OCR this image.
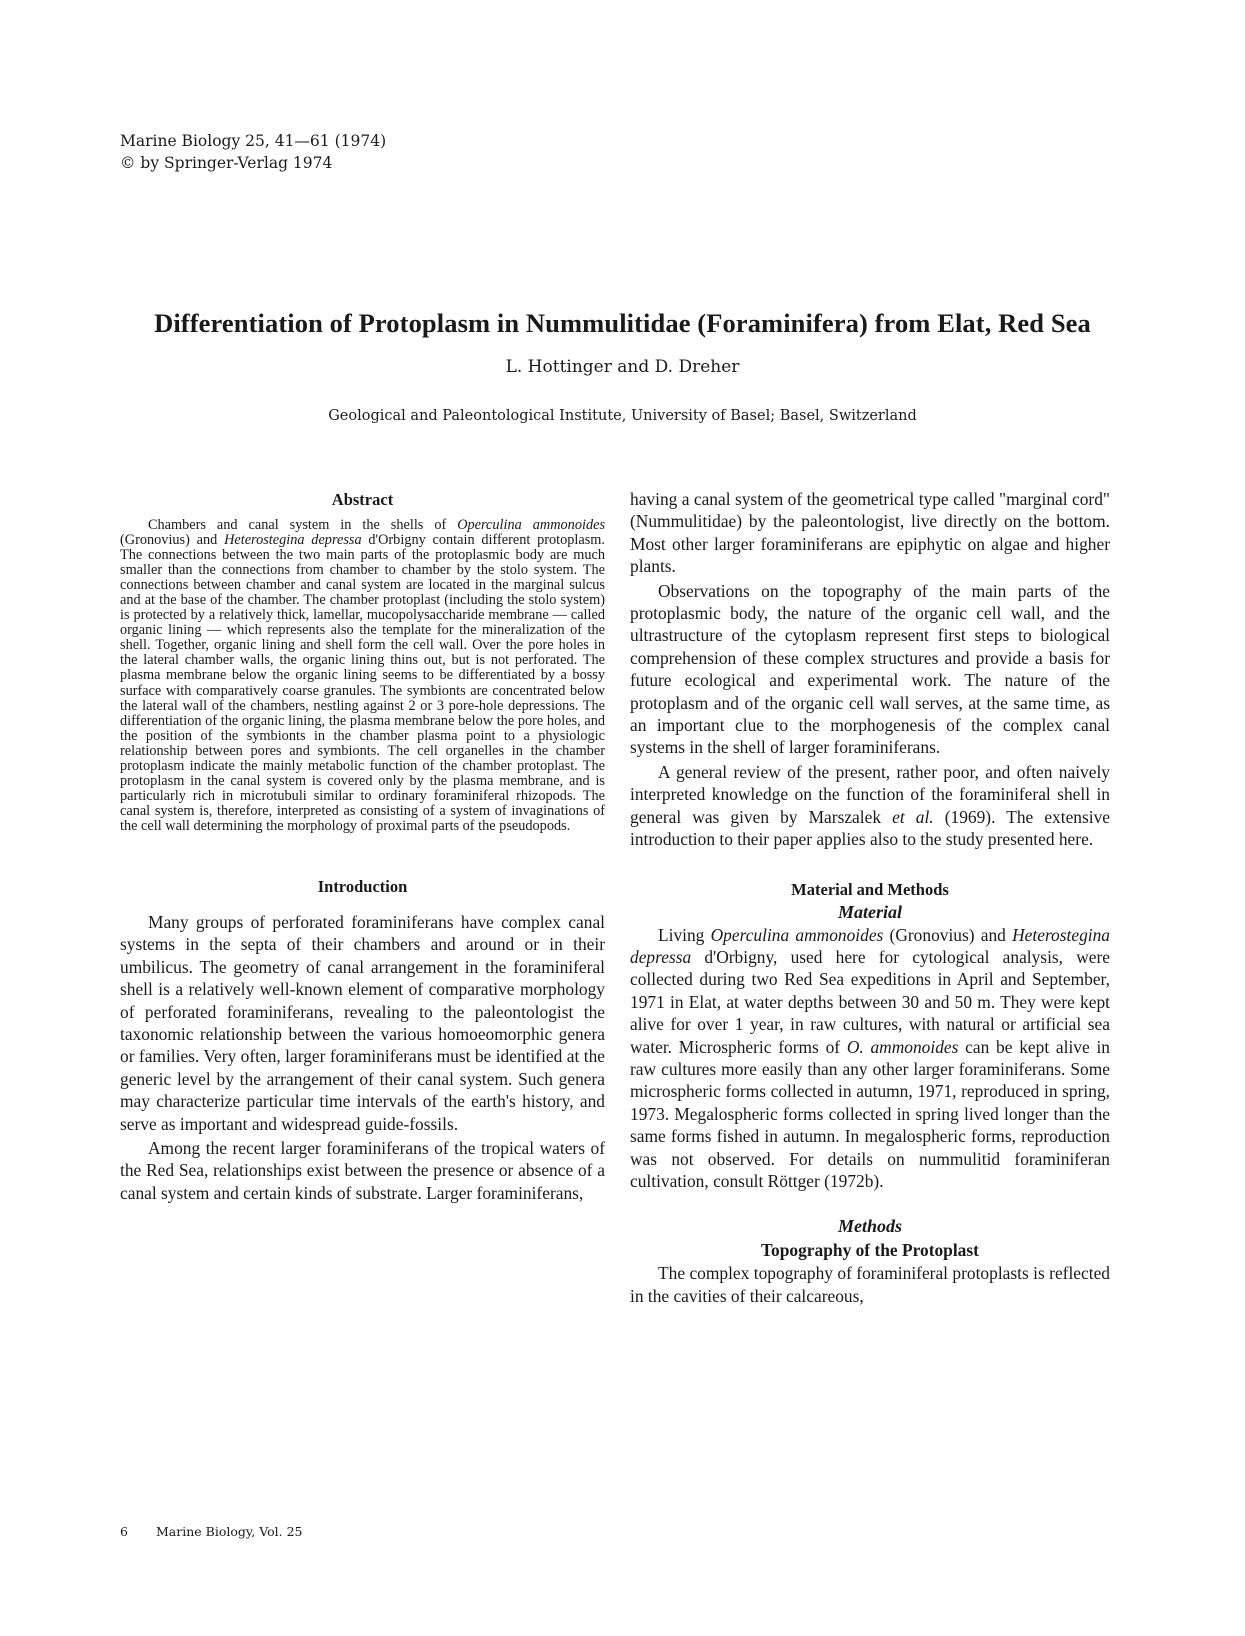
Marine Biology 25, 41—61 (1974)
© by Springer-Verlag 1974
Differentiation of Protoplasm in Nummulitidae (Foraminifera) from Elat, Red Sea
L. Hottinger and D. Dreher
Geological and Paleontological Institute, University of Basel; Basel, Switzerland
Abstract

Chambers and canal system in the shells of Operculina ammonoides (Gronovius) and Heterostegina depressa d'Orbigny contain different protoplasm. The connections between the two main parts of the protoplasmic body are much smaller than the connections from chamber to chamber by the stolo system. The connections between chamber and canal system are located in the marginal sulcus and at the base of the chamber. The chamber protoplast (including the stolo system) is protected by a relatively thick, lamellar, mucopolysaccharide membrane — called organic lining — which represents also the template for the mineralization of the shell. Together, organic lining and shell form the cell wall. Over the pore holes in the lateral chamber walls, the organic lining thins out, but is not perforated. The plasma membrane below the organic lining seems to be differentiated by a bossy surface with comparatively coarse granules. The symbionts are concentrated below the lateral wall of the chambers, nestling against 2 or 3 pore-hole depressions. The differentiation of the organic lining, the plasma membrane below the pore holes, and the position of the symbionts in the chamber plasma point to a physiologic relationship between pores and symbionts. The cell organelles in the chamber protoplasm indicate the mainly metabolic function of the chamber protoplast. The protoplasm in the canal system is covered only by the plasma membrane, and is particularly rich in microtubuli similar to ordinary foraminiferal rhizopods. The canal system is, therefore, interpreted as consisting of a system of invaginations of the cell wall determining the morphology of proximal parts of the pseudopods.

Introduction

Many groups of perforated foraminiferans have complex canal systems in the septa of their chambers and around or in their umbilicus. The geometry of canal arrangement in the foraminiferal shell is a relatively well-known element of comparative morphology of perforated foraminiferans, revealing to the paleontologist the taxonomic relationship between the various homoeomorphic genera or families. Very often, larger foraminiferans must be identified at the generic level by the arrangement of their canal system. Such genera may characterize particular time intervals of the earth's history, and serve as important and widespread guide-fossils.

Among the recent larger foraminiferans of the tropical waters of the Red Sea, relationships exist between the presence or absence of a canal system and certain kinds of substrate. Larger foraminiferans,

having a canal system of the geometrical type called "marginal cord" (Nummulitidae) by the paleontologist, live directly on the bottom. Most other larger foraminiferans are epiphytic on algae and higher plants.

Observations on the topography of the main parts of the protoplasmic body, the nature of the organic cell wall, and the ultrastructure of the cytoplasm represent first steps to biological comprehension of these complex structures and provide a basis for future ecological and experimental work. The nature of the protoplasm and of the organic cell wall serves, at the same time, as an important clue to the morphogenesis of the complex canal systems in the shell of larger foraminiferans.

A general review of the present, rather poor, and often naively interpreted knowledge on the function of the foraminiferal shell in general was given by Marszalek et al. (1969). The extensive introduction to their paper applies also to the study presented here.

Material and Methods
Material

Living Operculina ammonoides (Gronovius) and Heterostegina depressa d'Orbigny, used here for cytological analysis, were collected during two Red Sea expeditions in April and September, 1971 in Elat, at water depths between 30 and 50 m. They were kept alive for over 1 year, in raw cultures, with natural or artificial sea water. Microspheric forms of O. ammonoides can be kept alive in raw cultures more easily than any other larger foraminiferans. Some microspheric forms collected in autumn, 1971, reproduced in spring, 1973. Megalospheric forms collected in spring lived longer than the same forms fished in autumn. In megalospheric forms, reproduction was not observed. For details on nummulitid foraminiferan cultivation, consult Röttger (1972b).

Methods
Topography of the Protoplast

The complex topography of foraminiferal protoplasts is reflected in the cavities of their calcareous,

6 Marine Biology, Vol. 25
